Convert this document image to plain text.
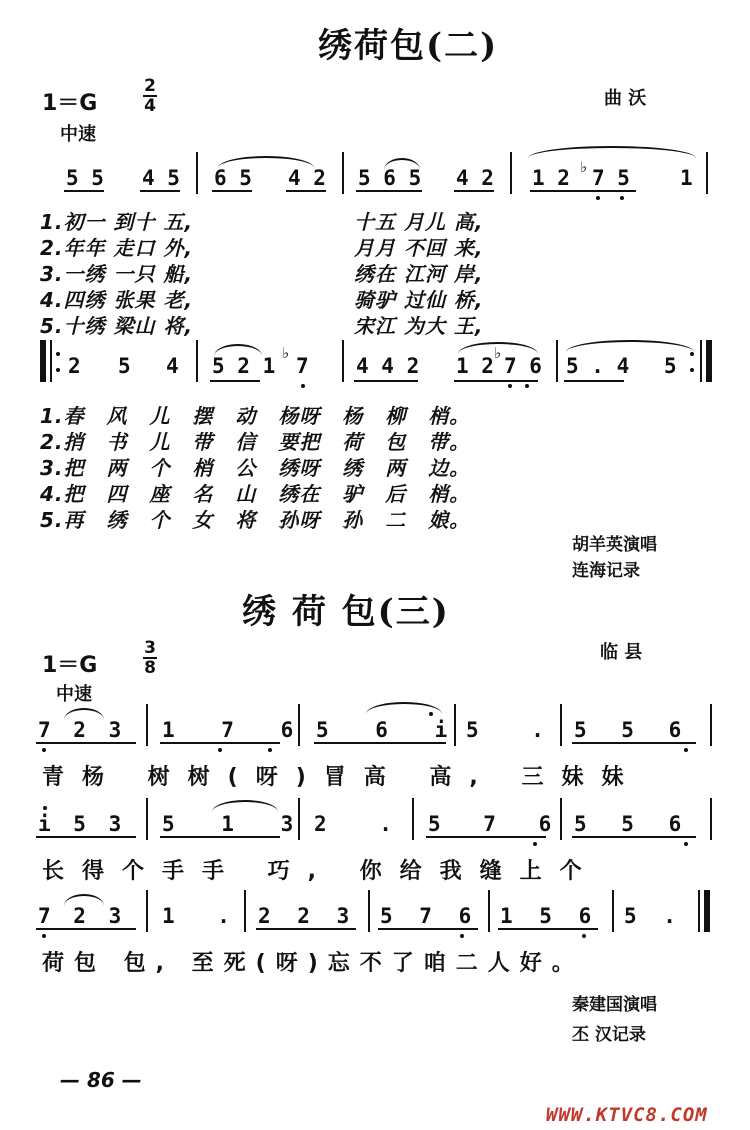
绣荷包(二)
1＝G
2
4	曲 沃
中速
5 5 4 5 6 5 4 2 5 6 5 4 2 1 2 ♭ 7 5 1
1.初一 到十 五,	十五 月儿 高,
2.年年 走口 外,	月月 不回 来,
3.一绣 一只 船,	绣在 江河 岸,
4.四绣 张果 老,	骑驴 过仙 桥,
5.十绣 梁山 将,	宋江 为大 王,
2 5 4 5 2 1
♭
7 4 4 2 1 2
♭
7 6 5 . 4 5
1.春 风 儿 摆 动 杨呀 杨 柳 梢。
2.捎 书 儿 带 信 要把 荷 包 带。
3.把 两 个 梢 公 绣呀 绣 两 边。
4.把 四 座 名 山 绣在 驴 后 梢。
5.再 绣 个 女 将 孙呀 孙 二 娘。
胡羊英演唱
连海记录
绣 荷 包(三)
1＝G
3
8
临 县
中速
7 2 3 1 7 6 5 6 i 5 . 5 5 6
青杨 树树(呀)冒高 高, 三妹妹
i 5 3 5 1 3 2 . 5 7 6 5 5 6
长得个手手 巧, 你给我缝上个
7 2 3 1 . 2 2 3 5 7 6 1 5 6 5 .
荷包 包, 至死(呀)忘不了咱二人好。
秦建国演唱
丕 汉记录
— 86 —
WWW.KTVC8.COM
